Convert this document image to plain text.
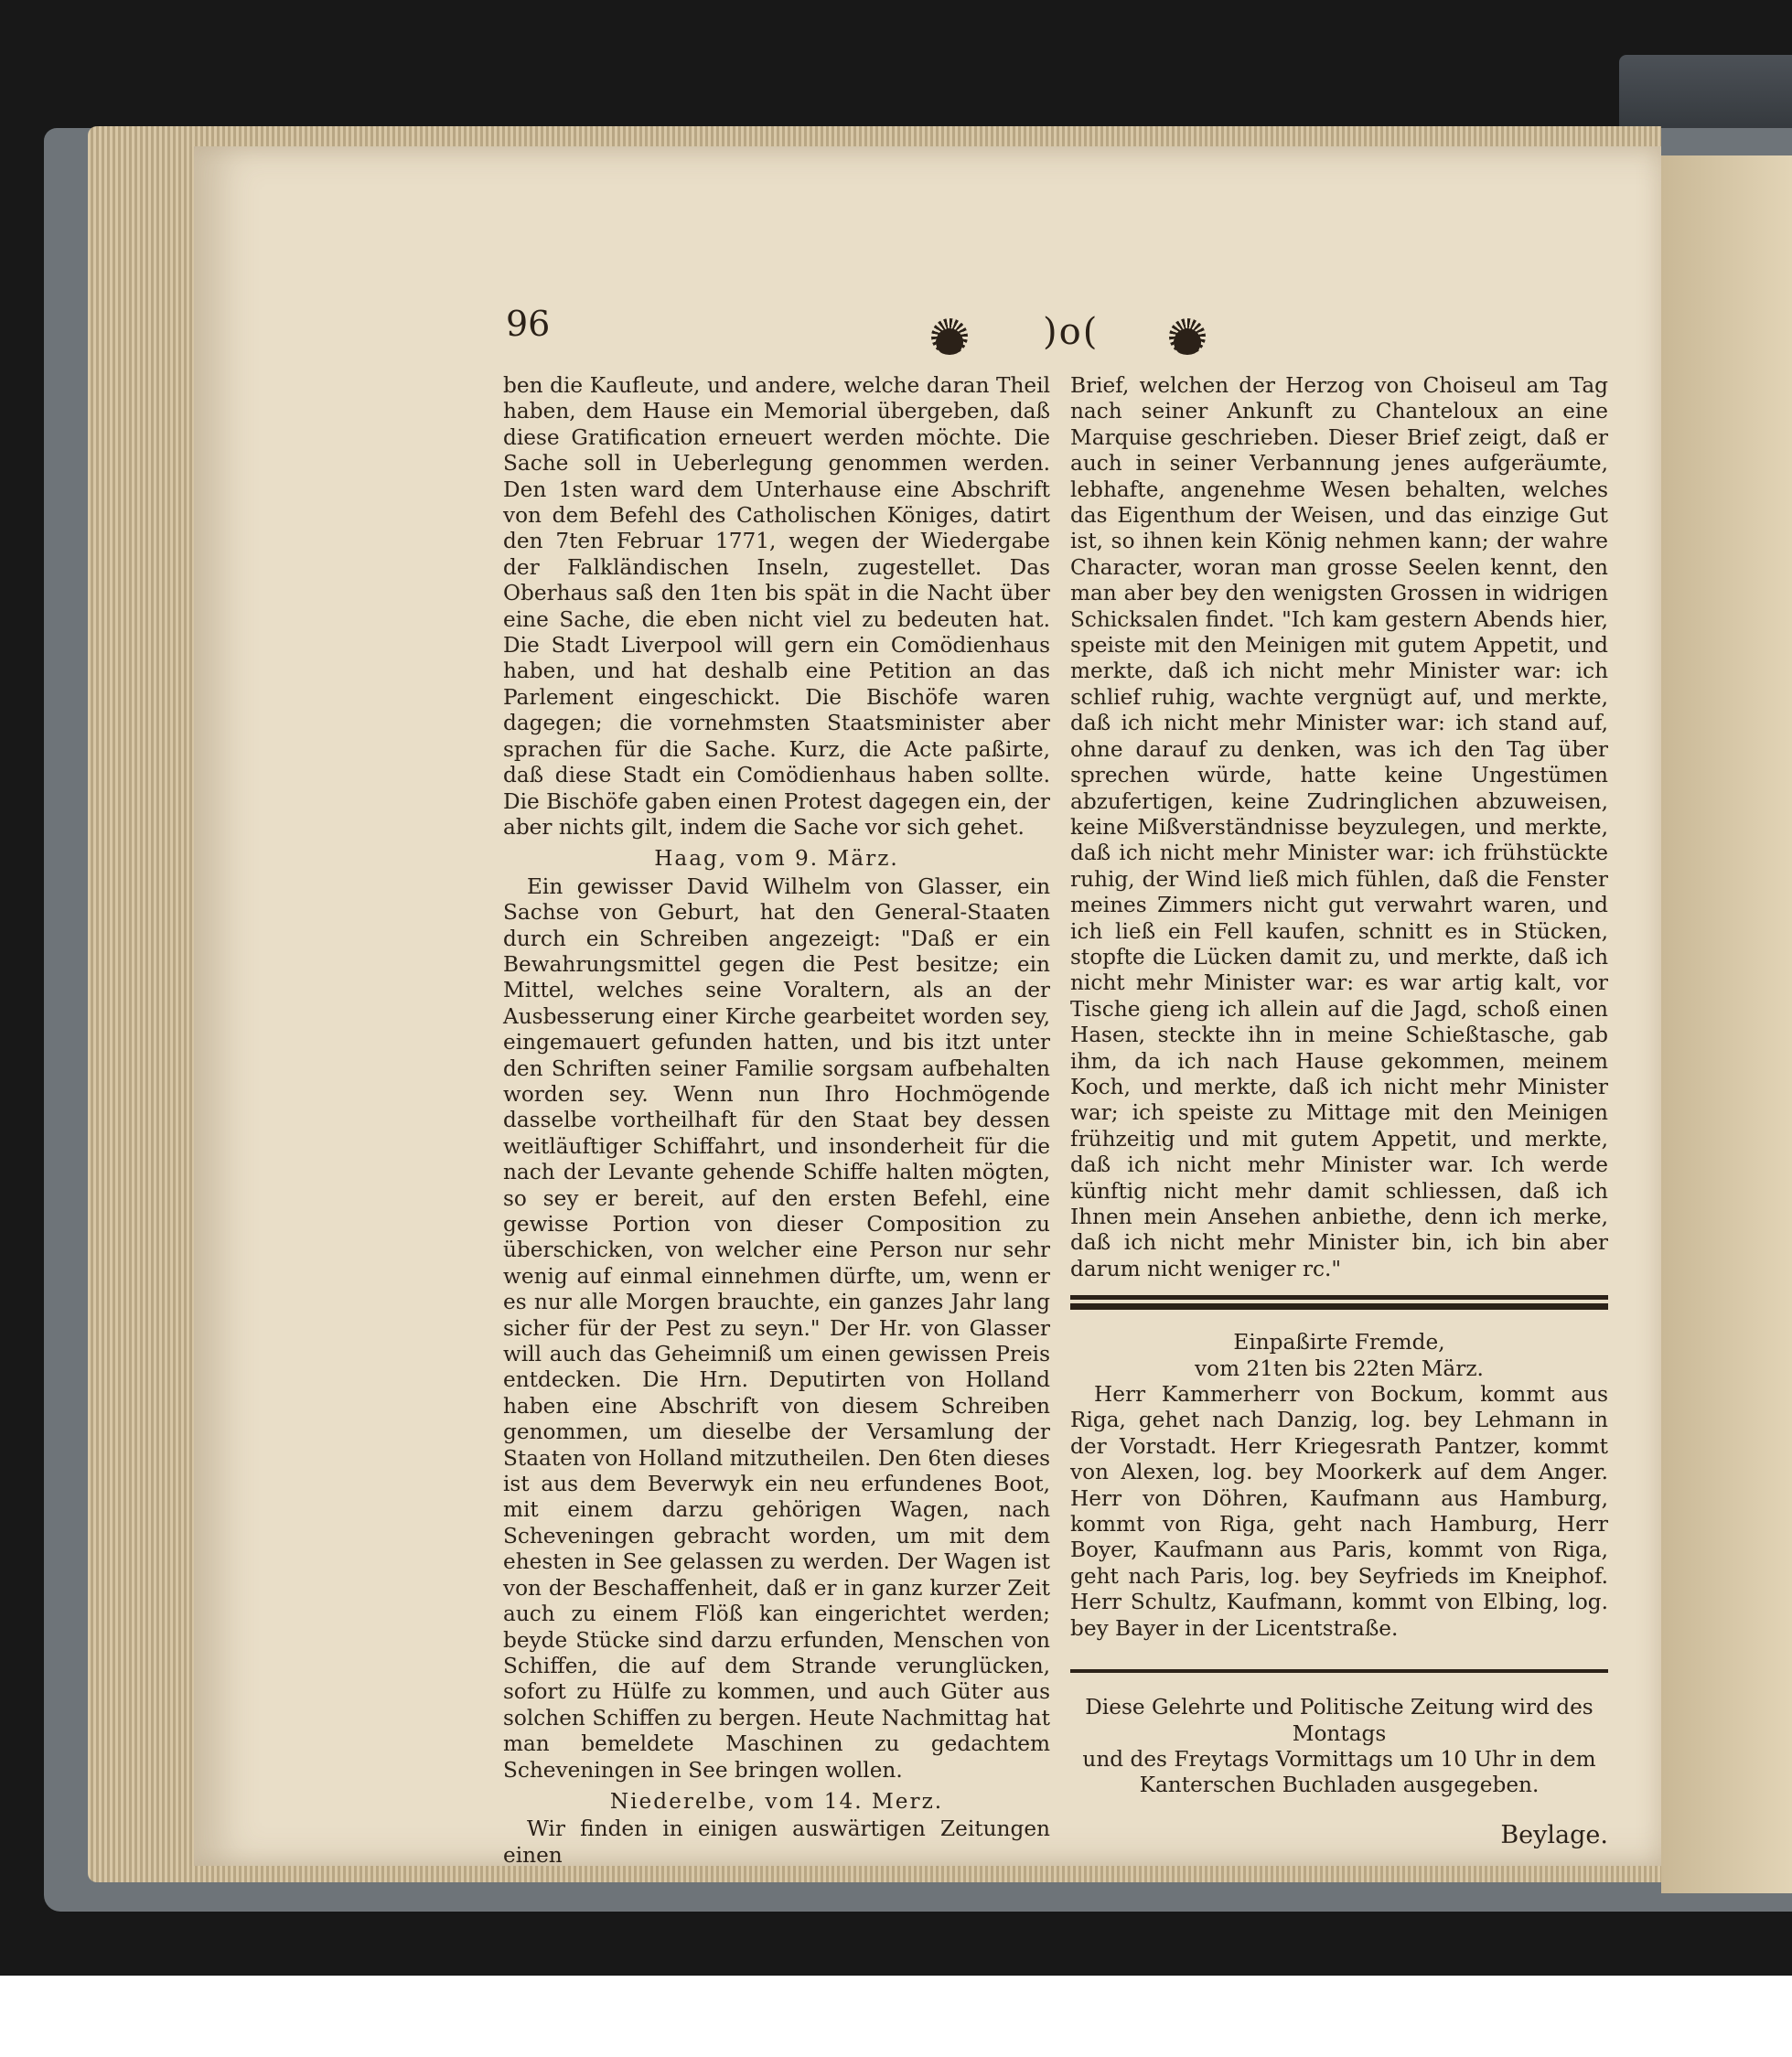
96	)o(

ben die Kaufleute, und andere, welche daran Theil haben, dem Hause ein Memorial übergeben, daß diese Gratification erneuert werden möchte. Die Sache soll in Ueberlegung genommen werden. Den 1sten ward dem Unterhause eine Abschrift von dem Befehl des Catholischen Königes, datirt den 7ten Februar 1771, wegen der Wiedergabe der Falkländischen Inseln, zugestellet. Das Oberhaus saß den 1ten bis spät in die Nacht über eine Sache, die eben nicht viel zu bedeuten hat. Die Stadt Liverpool will gern ein Comödienhaus haben, und hat deshalb eine Petition an das Parlement eingeschickt. Die Bischöfe waren dagegen; die vornehmsten Staatsminister aber sprachen für die Sache. Kurz, die Acte paßirte, daß diese Stadt ein Comödienhaus haben sollte. Die Bischöfe gaben einen Protest dagegen ein, der aber nichts gilt, indem die Sache vor sich gehet.

Haag, vom 9. März.

Ein gewisser David Wilhelm von Glasser, ein Sachse von Geburt, hat den General-Staaten durch ein Schreiben angezeigt: "Daß er ein Bewahrungsmittel gegen die Pest besitze; ein Mittel, welches seine Voraltern, als an der Ausbesserung einer Kirche gearbeitet worden sey, eingemauert gefunden hatten, und bis itzt unter den Schriften seiner Familie sorgsam aufbehalten worden sey. Wenn nun Ihro Hochmögende dasselbe vortheilhaft für den Staat bey dessen weitläuftiger Schiffahrt, und insonderheit für die nach der Levante gehende Schiffe halten mögten, so sey er bereit, auf den ersten Befehl, eine gewisse Portion von dieser Composition zu überschicken, von welcher eine Person nur sehr wenig auf einmal einnehmen dürfte, um, wenn er es nur alle Morgen brauchte, ein ganzes Jahr lang sicher für der Pest zu seyn." Der Hr. von Glasser will auch das Geheimniß um einen gewissen Preis entdecken. Die Hrn. Deputirten von Holland haben eine Abschrift von diesem Schreiben genommen, um dieselbe der Versamlung der Staaten von Holland mitzutheilen. Den 6ten dieses ist aus dem Beverwyk ein neu erfundenes Boot, mit einem darzu gehörigen Wagen, nach Scheveningen gebracht worden, um mit dem ehesten in See gelassen zu werden. Der Wagen ist von der Beschaffenheit, daß er in ganz kurzer Zeit auch zu einem Flöß kan eingerichtet werden; beyde Stücke sind darzu erfunden, Menschen von Schiffen, die auf dem Strande verunglücken, sofort zu Hülfe zu kommen, und auch Güter aus solchen Schiffen zu bergen. Heute Nachmittag hat man bemeldete Maschinen zu gedachtem Scheveningen in See bringen wollen.

Niederelbe, vom 14. Merz.

Wir finden in einigen auswärtigen Zeitungen einen

Brief, welchen der Herzog von Choiseul am Tag nach seiner Ankunft zu Chanteloux an eine Marquise geschrieben. Dieser Brief zeigt, daß er auch in seiner Verbannung jenes aufgeräumte, lebhafte, angenehme Wesen behalten, welches das Eigenthum der Weisen, und das einzige Gut ist, so ihnen kein König nehmen kann; der wahre Character, woran man grosse Seelen kennt, den man aber bey den wenigsten Grossen in widrigen Schicksalen findet. "Ich kam gestern Abends hier, speiste mit den Meinigen mit gutem Appetit, und merkte, daß ich nicht mehr Minister war: ich schlief ruhig, wachte vergnügt auf, und merkte, daß ich nicht mehr Minister war: ich stand auf, ohne darauf zu denken, was ich den Tag über sprechen würde, hatte keine Ungestümen abzufertigen, keine Zudringlichen abzuweisen, keine Mißverständnisse beyzulegen, und merkte, daß ich nicht mehr Minister war: ich frühstückte ruhig, der Wind ließ mich fühlen, daß die Fenster meines Zimmers nicht gut verwahrt waren, und ich ließ ein Fell kaufen, schnitt es in Stücken, stopfte die Lücken damit zu, und merkte, daß ich nicht mehr Minister war: es war artig kalt, vor Tische gieng ich allein auf die Jagd, schoß einen Hasen, steckte ihn in meine Schießtasche, gab ihm, da ich nach Hause gekommen, meinem Koch, und merkte, daß ich nicht mehr Minister war; ich speiste zu Mittage mit den Meinigen frühzeitig und mit gutem Appetit, und merkte, daß ich nicht mehr Minister war. Ich werde künftig nicht mehr damit schliessen, daß ich Ihnen mein Ansehen anbiethe, denn ich merke, daß ich nicht mehr Minister bin, ich bin aber darum nicht weniger rc."

Einpaßirte Fremde,

vom 21ten bis 22ten März.

Herr Kammerherr von Bockum, kommt aus Riga, gehet nach Danzig, log. bey Lehmann in der Vorstadt. Herr Kriegesrath Pantzer, kommt von Alexen, log. bey Moorkerk auf dem Anger. Herr von Döhren, Kaufmann aus Hamburg, kommt von Riga, geht nach Hamburg, Herr Boyer, Kaufmann aus Paris, kommt von Riga, geht nach Paris, log. bey Seyfrieds im Kneiphof. Herr Schultz, Kaufmann, kommt von Elbing, log. bey Bayer in der Licentstraße.

Diese Gelehrte und Politische Zeitung wird des Montags

und des Freytags Vormittags um 10 Uhr in dem

Kanterschen Buchladen ausgegeben.

Beylage.
